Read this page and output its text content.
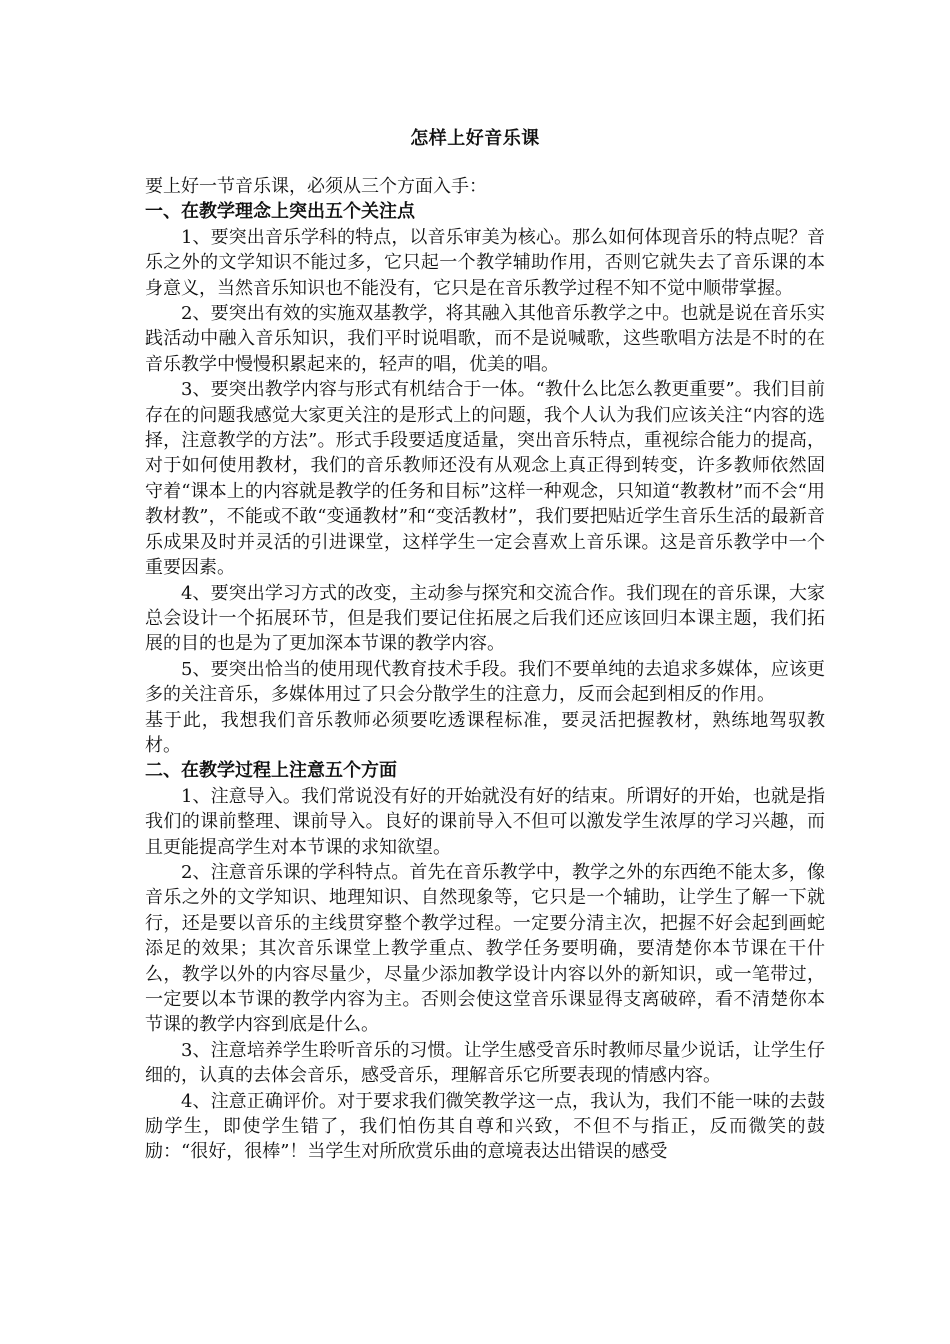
怎样上好音乐课

要上好一节音乐课，必须从三个方面入手：

一、在教学理念上突出五个关注点

1、要突出音乐学科的特点，以音乐审美为核心。那么如何体现音乐的特点呢？音乐之外的文学知识不能过多，它只起一个教学辅助作用，否则它就失去了音乐课的本身意义，当然音乐知识也不能没有，它只是在音乐教学过程不知不觉中顺带掌握。

2、要突出有效的实施双基教学，将其融入其他音乐教学之中。也就是说在音乐实践活动中融入音乐知识，我们平时说唱歌，而不是说喊歌，这些歌唱方法是不时的在音乐教学中慢慢积累起来的，轻声的唱，优美的唱。

3、要突出教学内容与形式有机结合于一体。“教什么比怎么教更重要”。我们目前存在的问题我感觉大家更关注的是形式上的问题，我个人认为我们应该关注“内容的选择，注意教学的方法”。形式手段要适度适量，突出音乐特点，重视综合能力的提高，对于如何使用教材，我们的音乐教师还没有从观念上真正得到转变，许多教师依然固守着“课本上的内容就是教学的任务和目标”这样一种观念，只知道“教教材”而不会“用教材教”，不能或不敢“变通教材”和“变活教材”，我们要把贴近学生音乐生活的最新音乐成果及时并灵活的引进课堂，这样学生一定会喜欢上音乐课。这是音乐教学中一个重要因素。

4、要突出学习方式的改变，主动参与探究和交流合作。我们现在的音乐课，大家总会设计一个拓展环节，但是我们要记住拓展之后我们还应该回归本课主题，我们拓展的目的也是为了更加深本节课的教学内容。

5、要突出恰当的使用现代教育技术手段。我们不要单纯的去追求多媒体，应该更多的关注音乐，多媒体用过了只会分散学生的注意力，反而会起到相反的作用。

基于此，我想我们音乐教师必须要吃透课程标准，要灵活把握教材，熟练地驾驭教材。

二、在教学过程上注意五个方面

1、注意导入。我们常说没有好的开始就没有好的结束。所谓好的开始，也就是指我们的课前整理、课前导入。良好的课前导入不但可以激发学生浓厚的学习兴趣，而且更能提高学生对本节课的求知欲望。

2、注意音乐课的学科特点。首先在音乐教学中，教学之外的东西绝不能太多，像音乐之外的文学知识、地理知识、自然现象等，它只是一个辅助，让学生了解一下就行，还是要以音乐的主线贯穿整个教学过程。一定要分清主次，把握不好会起到画蛇添足的效果；其次音乐课堂上教学重点、教学任务要明确，要清楚你本节课在干什么，教学以外的内容尽量少，尽量少添加教学设计内容以外的新知识，或一笔带过，一定要以本节课的教学内容为主。否则会使这堂音乐课显得支离破碎，看不清楚你本节课的教学内容到底是什么。

3、注意培养学生聆听音乐的习惯。让学生感受音乐时教师尽量少说话，让学生仔细的，认真的去体会音乐，感受音乐，理解音乐它所要表现的情感内容。

4、注意正确评价。对于要求我们微笑教学这一点，我认为，我们不能一味的去鼓励学生，即使学生错了，我们怕伤其自尊和兴致，不但不与指正，反而微笑的鼓励：“很好，很棒”！当学生对所欣赏乐曲的意境表达出错误的感受
